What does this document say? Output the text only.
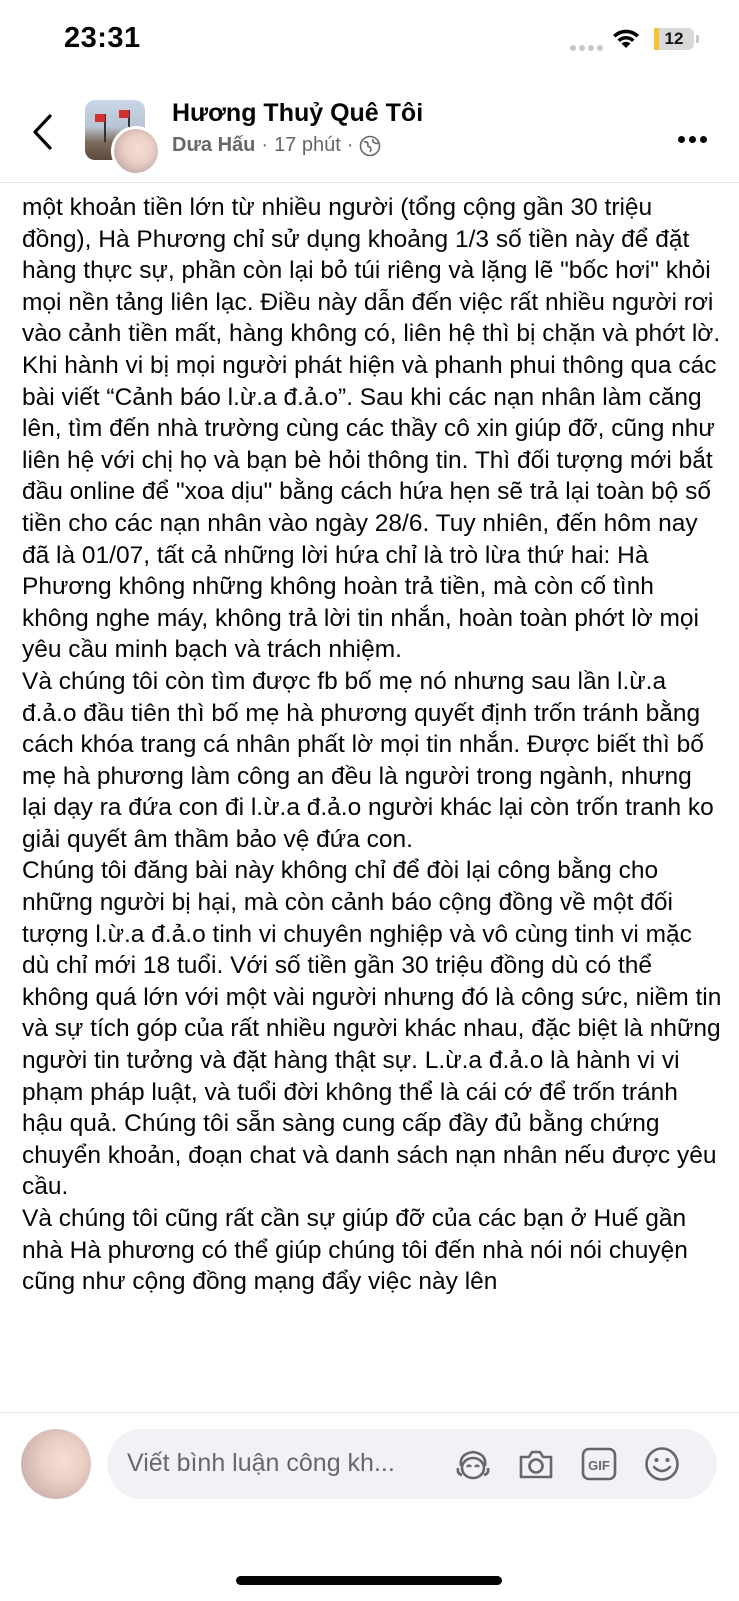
23:31	12
Hương Thuỷ Quê Tôi
Dưa Hấu · 17 phút ·

một khoản tiền lớn từ nhiều người (tổng cộng gần 30 triệu đồng), Hà Phương chỉ sử dụng khoảng 1/3 số tiền này để đặt hàng thực sự, phần còn lại bỏ túi riêng và lặng lẽ "bốc hơi" khỏi mọi nền tảng liên lạc. Điều này dẫn đến việc rất nhiều người rơi vào cảnh tiền mất, hàng không có, liên hệ thì bị chặn và phớt lờ. Khi hành vi bị mọi người phát hiện và phanh phui thông qua các bài viết “Cảnh báo l.ừ.a đ.ả.o”. Sau khi các nạn nhân làm căng lên, tìm đến nhà trường cùng các thầy cô xin giúp đỡ, cũng như liên hệ với chị họ và bạn bè hỏi thông tin. Thì đối tượng mới bắt đầu online để "xoa dịu" bằng cách hứa hẹn sẽ trả lại toàn bộ số tiền cho các nạn nhân vào ngày 28/6. Tuy nhiên, đến hôm nay đã là 01/07, tất cả những lời hứa chỉ là trò lừa thứ hai: Hà Phương không những không hoàn trả tiền, mà còn cố tình không nghe máy, không trả lời tin nhắn, hoàn toàn phớt lờ mọi yêu cầu minh bạch và trách nhiệm.

Và chúng tôi còn tìm được fb bố mẹ nó nhưng sau lần l.ừ.a đ.ả.o đầu tiên thì bố mẹ hà phương quyết định trốn tránh bằng cách khóa trang cá nhân phất lờ mọi tin nhắn. Được biết thì bố mẹ hà phương làm công an đều là người trong ngành, nhưng lại dạy ra đứa con đi l.ừ.a đ.ả.o người khác lại còn trốn tranh ko giải quyết âm thầm bảo vệ đứa con.

Chúng tôi đăng bài này không chỉ để đòi lại công bằng cho những người bị hại, mà còn cảnh báo cộng đồng về một đối tượng l.ừ.a đ.ả.o tinh vi chuyên nghiệp và vô cùng tinh vi mặc dù chỉ mới 18 tuổi. Với số tiền gần 30 triệu đồng dù có thể không quá lớn với một vài người nhưng đó là công sức, niềm tin và sự tích góp của rất nhiều người khác nhau, đặc biệt là những người tin tưởng và đặt hàng thật sự. L.ừ.a đ.ả.o là hành vi vi phạm pháp luật, và tuổi đời không thể là cái cớ để trốn tránh hậu quả. Chúng tôi sẵn sàng cung cấp đầy đủ bằng chứng chuyển khoản, đoạn chat và danh sách nạn nhân nếu được yêu cầu.

Và chúng tôi cũng rất cần sự giúp đỡ của các bạn ở Huế gần nhà Hà phương có thể giúp chúng tôi đến nhà nói nói chuyện cũng như cộng đồng mạng đẩy việc này lên

Viết bình luận công kh...	GIF
